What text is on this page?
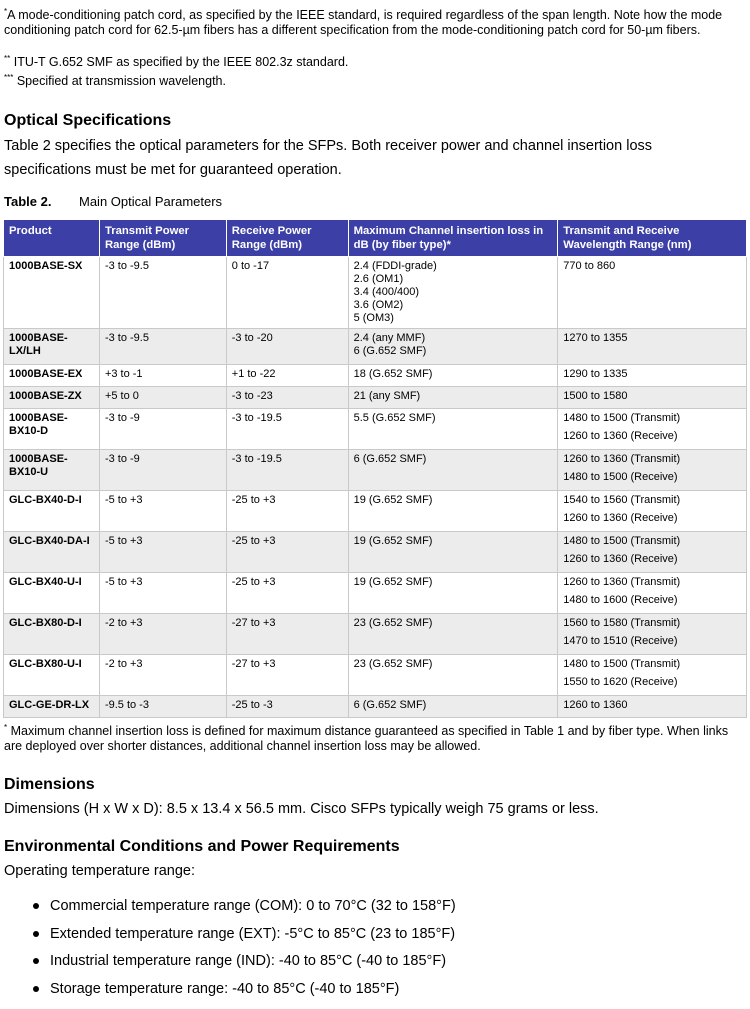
*A mode-conditioning patch cord, as specified by the IEEE standard, is required regardless of the span length. Note how the mode conditioning patch cord for 62.5-µm fibers has a different specification from the mode-conditioning patch cord for 50-µm fibers.

** ITU-T G.652 SMF as specified by the IEEE 802.3z standard.

*** Specified at transmission wavelength.

Optical Specifications

Table 2 specifies the optical parameters for the SFPs. Both receiver power and channel insertion loss specifications must be met for guaranteed operation.

Table 2. Main Optical Parameters
Product	Transmit Power Range (dBm)	Receive Power Range (dBm)	Maximum Channel insertion loss in dB (by fiber type)*	Transmit and Receive Wavelength Range (nm)
1000BASE-SX	-3 to -9.5	0 to -17	2.4 (FDDI-grade)
2.6 (OM1)
3.4 (400/400)
3.6 (OM2)
5 (OM3)	770 to 860

1000BASE-
LX/LH	-3 to -9.5	-3 to -20	2.4 (any MMF)
6 (G.652 SMF)	1270 to 1355

1000BASE-EX	+3 to -1	+1 to -22	18 (G.652 SMF)	1290 to 1335

1000BASE-ZX	+5 to 0	-3 to -23	21 (any SMF)	1500 to 1580

1000BASE-
BX10-D	-3 to -9	-3 to -19.5	5.5 (G.652 SMF)	1480 to 1500 (Transmit)
1260 to 1360 (Receive)

1000BASE-
BX10-U	-3 to -9	-3 to -19.5	6 (G.652 SMF)	1260 to 1360 (Transmit)
1480 to 1500 (Receive)

GLC-BX40-D-I	-5 to +3	-25 to +3	19 (G.652 SMF)	1540 to 1560 (Transmit)
1260 to 1360 (Receive)

GLC-BX40-DA-I	-5 to +3	-25 to +3	19 (G.652 SMF)	1480 to 1500 (Transmit)
1260 to 1360 (Receive)

GLC-BX40-U-I	-5 to +3	-25 to +3	19 (G.652 SMF)	1260 to 1360 (Transmit)
1480 to 1600 (Receive)

GLC-BX80-D-I	-2 to +3	-27 to +3	23 (G.652 SMF)	1560 to 1580 (Transmit)
1470 to 1510 (Receive)

GLC-BX80-U-I	-2 to +3	-27 to +3	23 (G.652 SMF)	1480 to 1500 (Transmit)
1550 to 1620 (Receive)

GLC-GE-DR-LX	-9.5 to -3	-25 to -3	6 (G.652 SMF)	1260 to 1360

* Maximum channel insertion loss is defined for maximum distance guaranteed as specified in Table 1 and by fiber type. When links are deployed over shorter distances, additional channel insertion loss may be allowed.

Dimensions

Dimensions (H x W x D): 8.5 x 13.4 x 56.5 mm. Cisco SFPs typically weigh 75 grams or less.

Environmental Conditions and Power Requirements

Operating temperature range:

Commercial temperature range (COM): 0 to 70°C (32 to 158°F)
Extended temperature range (EXT): -5°C to 85°C (23 to 185°F)
Industrial temperature range (IND): -40 to 85°C (-40 to 185°F)
Storage temperature range: -40 to 85°C (-40 to 185°F)
